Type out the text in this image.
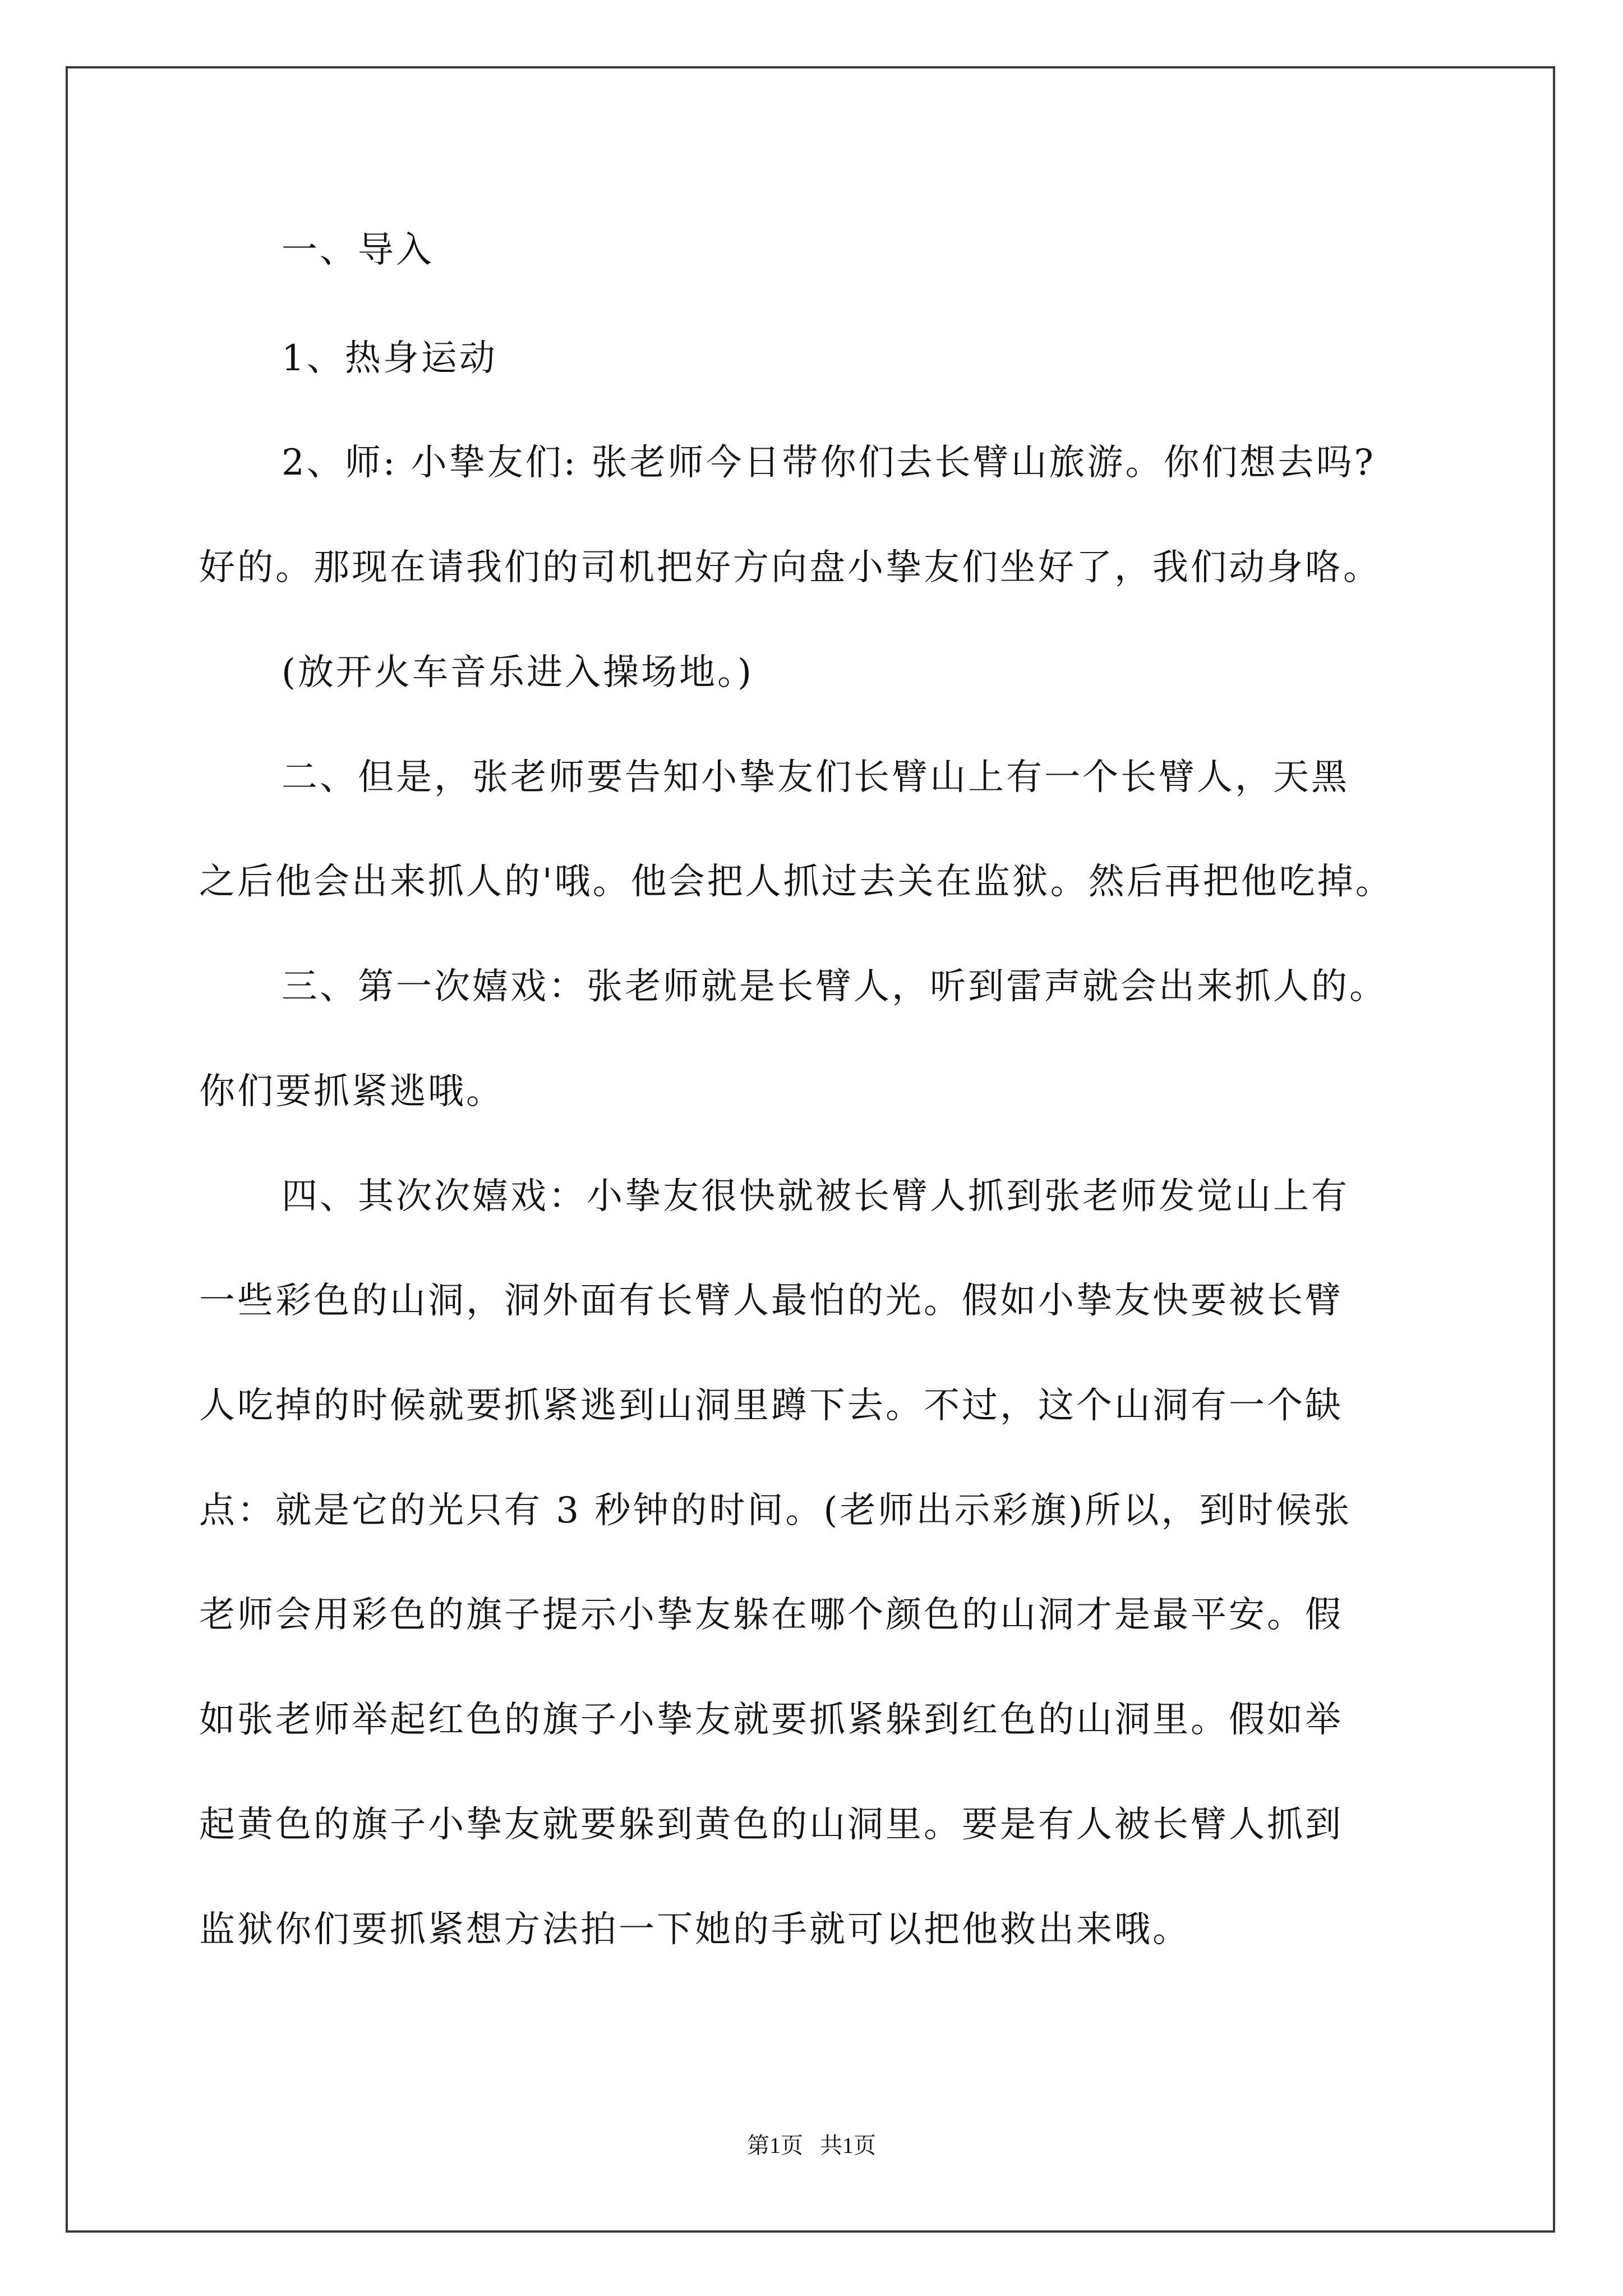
一、导入
1、热身运动
2、师: 小挚友们: 张老师今日带你们去长臂山旅游。你们想去吗?
好的。那现在请我们的司机把好方向盘小挚友们坐好了，我们动身咯。
(放开火车音乐进入操场地。)
二、但是，张老师要告知小挚友们长臂山上有一个长臂人，天黑
之后他会出来抓人的'哦。他会把人抓过去关在监狱。然后再把他吃掉。
三、第一次嬉戏：张老师就是长臂人，听到雷声就会出来抓人的。
你们要抓紧逃哦。
四、其次次嬉戏：小挚友很快就被长臂人抓到张老师发觉山上有
一些彩色的山洞，洞外面有长臂人最怕的光。假如小挚友快要被长臂
人吃掉的时候就要抓紧逃到山洞里蹲下去。不过，这个山洞有一个缺
点：就是它的光只有 3 秒钟的时间。(老师出示彩旗)所以，到时候张
老师会用彩色的旗子提示小挚友躲在哪个颜色的山洞才是最平安。假
如张老师举起红色的旗子小挚友就要抓紧躲到红色的山洞里。假如举
起黄色的旗子小挚友就要躲到黄色的山洞里。要是有人被长臂人抓到
监狱你们要抓紧想方法拍一下她的手就可以把他救出来哦。
第1页   共1页
